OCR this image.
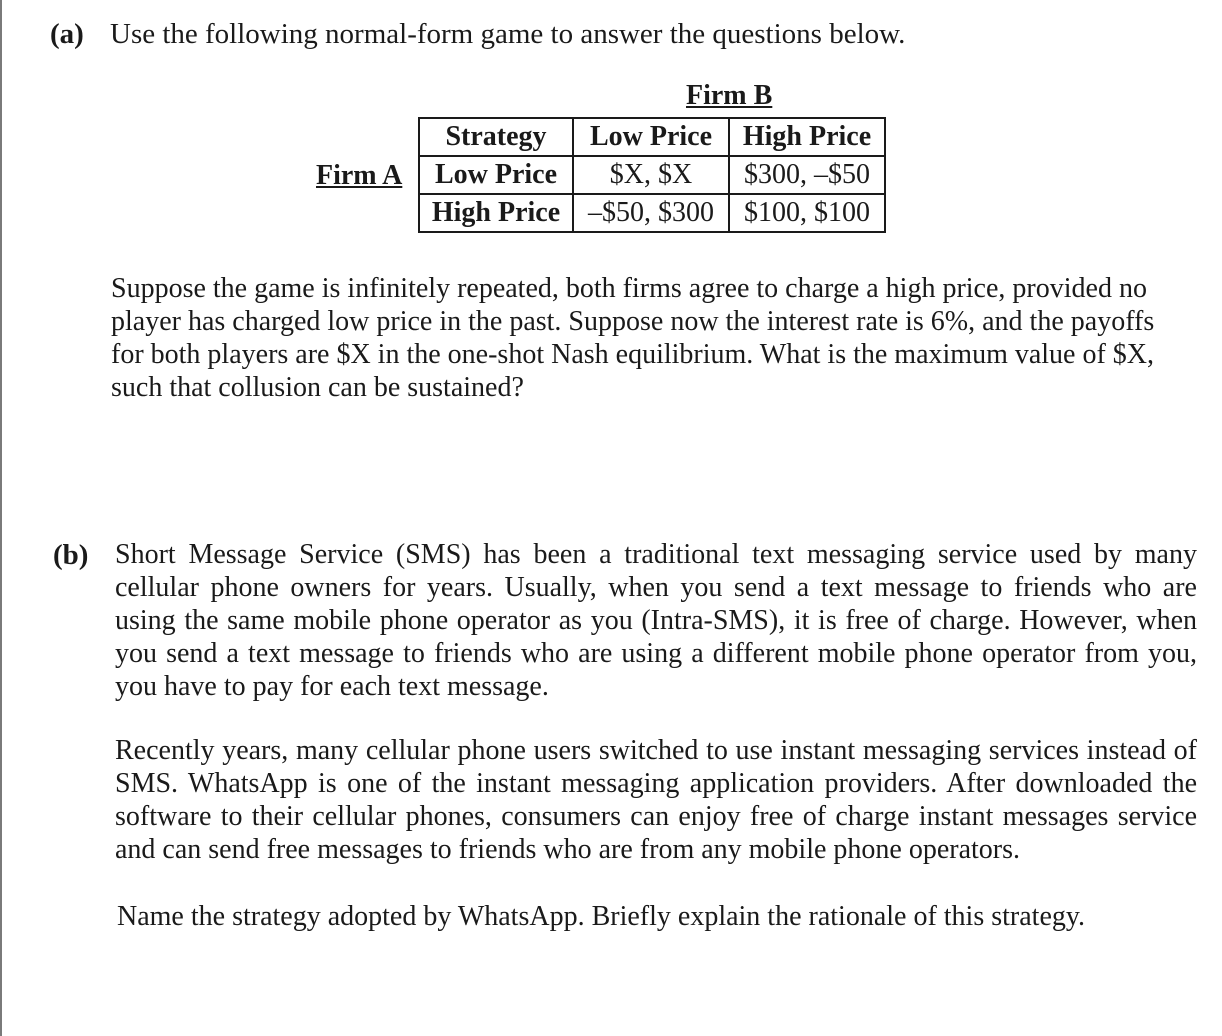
(a) Use the following normal-form game to answer the questions below.
Firm B
Firm A
Strategy	Low Price	High Price
Low Price	$X, $X	$300, –$50
High Price	–$50, $300	$100, $100
Suppose the game is infinitely repeated, both firms agree to charge a high price, provided no player has charged low price in the past. Suppose now the interest rate is 6%, and the payoffs for both players are $X in the one-shot Nash equilibrium. What is the maximum value of $X, such that collusion can be sustained?
(b) Short Message Service (SMS) has been a traditional text messaging service used by many cellular phone owners for years. Usually, when you send a text message to friends who are using the same mobile phone operator as you (Intra-SMS), it is free of charge. However, when you send a text message to friends who are using a different mobile phone operator from you, you have to pay for each text message.
Recently years, many cellular phone users switched to use instant messaging services instead of SMS. WhatsApp is one of the instant messaging application providers. After downloaded the software to their cellular phones, consumers can enjoy free of charge instant messages service and can send free messages to friends who are from any mobile phone operators.
Name the strategy adopted by WhatsApp. Briefly explain the rationale of this strategy.
